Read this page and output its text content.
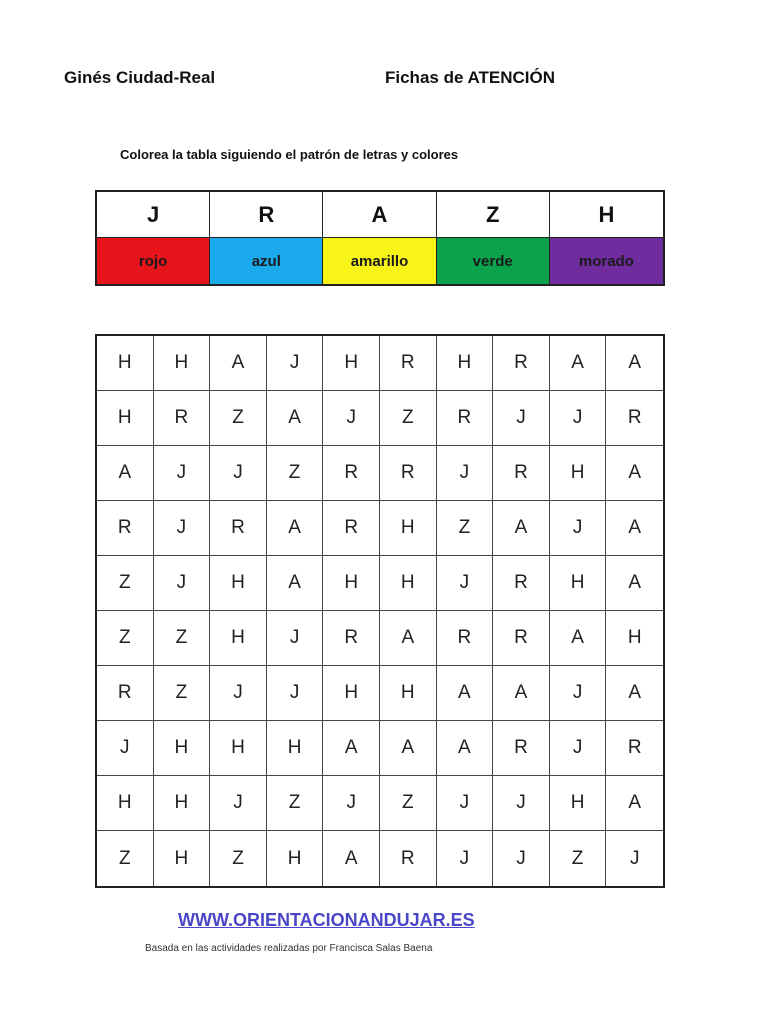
Ginés Ciudad-Real	Fichas de ATENCIÓN
Colorea la tabla siguiendo el patrón de letras y colores
J	R	A	Z	H
rojo	azul	amarillo	verde	morado
H	H	A	J	H	R	H	R	A	A
H	R	Z	A	J	Z	R	J	J	R
A	J	J	Z	R	R	J	R	H	A
R	J	R	A	R	H	Z	A	J	A
Z	J	H	A	H	H	J	R	H	A
Z	Z	H	J	R	A	R	R	A	H
R	Z	J	J	H	H	A	A	J	A
J	H	H	H	A	A	A	R	J	R
H	H	J	Z	J	Z	J	J	H	A
Z	H	Z	H	A	R	J	J	Z	J
WWW.ORIENTACIONANDUJAR.ES
Basada en las actividades realizadas por Francisca Salas Baena
